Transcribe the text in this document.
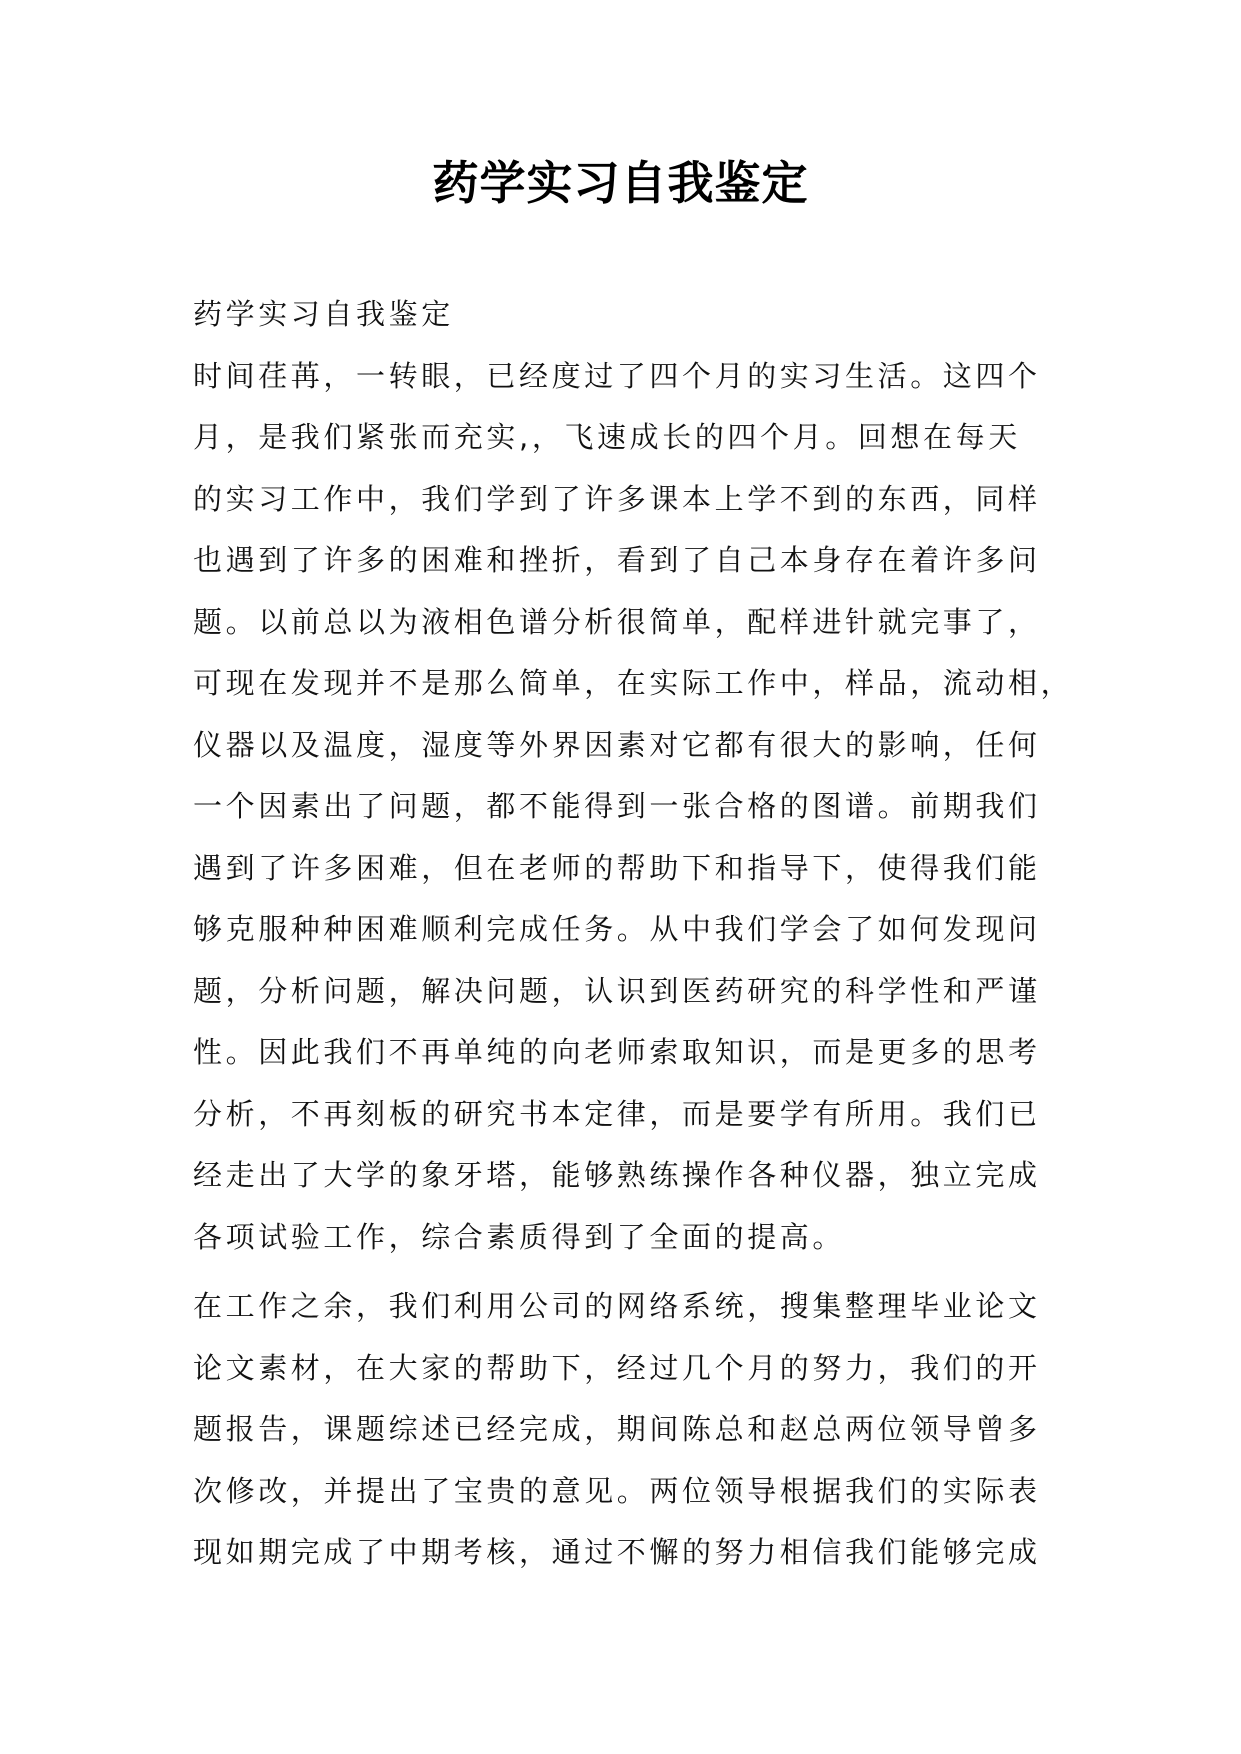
药学实习自我鉴定
药学实习自我鉴定
时间荏苒，一转眼，已经度过了四个月的实习生活。这四个
月，是我们紧张而充实,，飞速成长的四个月。回想在每天
的实习工作中，我们学到了许多课本上学不到的东西，同样
也遇到了许多的困难和挫折，看到了自己本身存在着许多问
题。以前总以为液相色谱分析很简单，配样进针就完事了，
可现在发现并不是那么简单，在实际工作中，样品，流动相，
仪器以及温度，湿度等外界因素对它都有很大的影响，任何
一个因素出了问题，都不能得到一张合格的图谱。前期我们
遇到了许多困难，但在老师的帮助下和指导下，使得我们能
够克服种种困难顺利完成任务。从中我们学会了如何发现问
题，分析问题，解决问题，认识到医药研究的科学性和严谨
性。因此我们不再单纯的向老师索取知识，而是更多的思考
分析，不再刻板的研究书本定律，而是要学有所用。我们已
经走出了大学的象牙塔，能够熟练操作各种仪器，独立完成
各项试验工作，综合素质得到了全面的提高。
在工作之余，我们利用公司的网络系统，搜集整理毕业论文
论文素材，在大家的帮助下，经过几个月的努力，我们的开
题报告，课题综述已经完成，期间陈总和赵总两位领导曾多
次修改，并提出了宝贵的意见。两位领导根据我们的实际表
现如期完成了中期考核，通过不懈的努力相信我们能够完成
